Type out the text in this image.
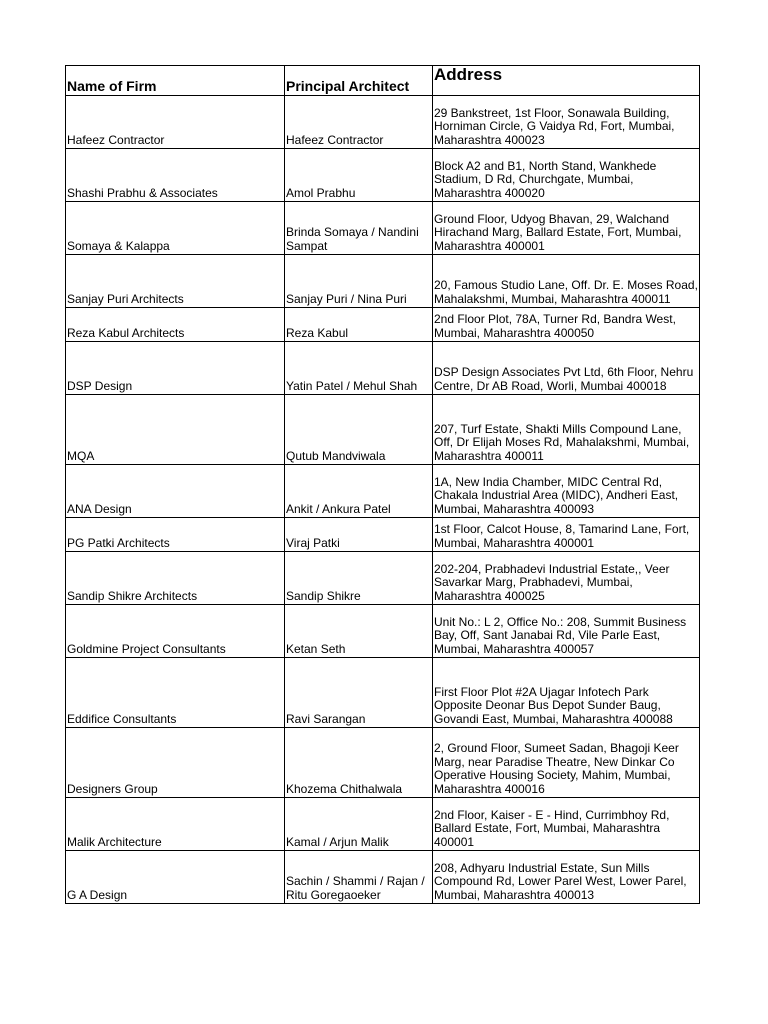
Name of Firm	Principal Architect	Address
Hafeez Contractor	Hafeez Contractor	29 Bankstreet, 1st Floor, Sonawala Building, Horniman Circle, G Vaidya Rd, Fort, Mumbai, Maharashtra 400023
Shashi Prabhu & Associates	Amol Prabhu	Block A2 and B1, North Stand, Wankhede Stadium, D Rd, Churchgate, Mumbai, Maharashtra 400020
Somaya & Kalappa	Brinda Somaya / Nandini Sampat	Ground Floor, Udyog Bhavan, 29, Walchand Hirachand Marg, Ballard Estate, Fort, Mumbai, Maharashtra 400001
Sanjay Puri Architects	Sanjay Puri / Nina Puri	20, Famous Studio Lane, Off. Dr. E. Moses Road, Mahalakshmi, Mumbai, Maharashtra 400011
Reza Kabul Architects	Reza Kabul	2nd Floor Plot, 78A, Turner Rd, Bandra West, Mumbai, Maharashtra 400050
DSP Design	Yatin Patel / Mehul Shah	DSP Design Associates Pvt Ltd, 6th Floor, Nehru Centre, Dr AB Road, Worli, Mumbai 400018
MQA	Qutub Mandviwala	207, Turf Estate, Shakti Mills Compound Lane, Off, Dr Elijah Moses Rd, Mahalakshmi, Mumbai, Maharashtra 400011
ANA Design	Ankit / Ankura Patel	1A, New India Chamber, MIDC Central Rd, Chakala Industrial Area (MIDC), Andheri East, Mumbai, Maharashtra 400093
PG Patki Architects	Viraj Patki	1st Floor, Calcot House, 8, Tamarind Lane, Fort, Mumbai, Maharashtra 400001
Sandip Shikre Architects	Sandip Shikre	202-204, Prabhadevi Industrial Estate,, Veer Savarkar Marg, Prabhadevi, Mumbai, Maharashtra 400025
Goldmine Project Consultants	Ketan Seth	Unit No.: L 2, Office No.: 208, Summit Business Bay, Off, Sant Janabai Rd, Vile Parle East, Mumbai, Maharashtra 400057
Eddifice Consultants	Ravi Sarangan	First Floor Plot #2A Ujagar Infotech Park Opposite Deonar Bus Depot Sunder Baug, Govandi East, Mumbai, Maharashtra 400088
Designers Group	Khozema Chithalwala	2, Ground Floor, Sumeet Sadan, Bhagoji Keer Marg, near Paradise Theatre, New Dinkar Co Operative Housing Society, Mahim, Mumbai, Maharashtra 400016
Malik Architecture	Kamal / Arjun Malik	2nd Floor, Kaiser - E - Hind, Currimbhoy Rd, Ballard Estate, Fort, Mumbai, Maharashtra 400001
G A Design	Sachin / Shammi / Rajan / Ritu Goregaoeker	208, Adhyaru Industrial Estate, Sun Mills Compound Rd, Lower Parel West, Lower Parel, Mumbai, Maharashtra 400013
